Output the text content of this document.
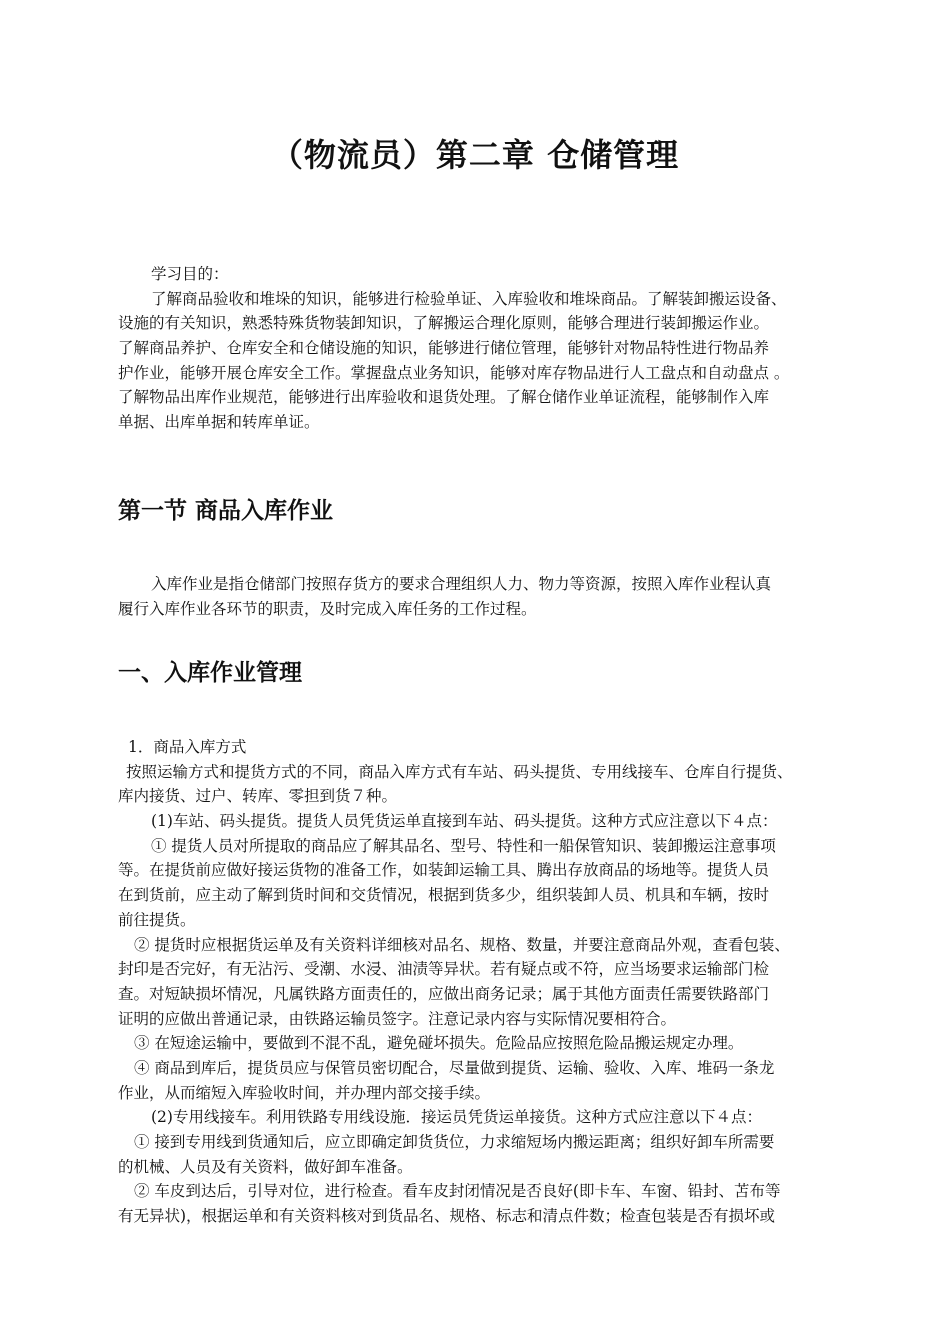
（物流员）第二章 仓储管理
学习目的：
了解商品验收和堆垛的知识，能够进行检验单证、入库验收和堆垛商品。了解装卸搬运设备、
设施的有关知识，熟悉特殊货物装卸知识，了解搬运合理化原则，能够合理进行装卸搬运作业。
了解商品养护、仓库安全和仓储设施的知识，能够进行储位管理，能够针对物品特性进行物品养
护作业，能够开展仓库安全工作。掌握盘点业务知识，能够对库存物品进行人工盘点和自动盘点 。
了解物品出库作业规范，能够进行出库验收和退货处理。了解仓储作业单证流程，能够制作入库
单据、出库单据和转库单证。
第一节 商品入库作业
入库作业是指仓储部门按照存货方的要求合理组织人力、物力等资源，按照入库作业程认真
履行入库作业各环节的职责，及时完成入库任务的工作过程。
一、入库作业管理
1．商品入库方式
按照运输方式和提货方式的不同，商品入库方式有车站、码头提货、专用线接车、仓库自行提货、
库内接货、过户、转库、零担到货７种。
(1)车站、码头提货。提货人员凭货运单直接到车站、码头提货。这种方式应注意以下４点：
① 提货人员对所提取的商品应了解其品名、型号、特性和一船保管知识、装卸搬运注意事项
等。在提货前应做好接运货物的准备工作，如装卸运输工具、腾出存放商品的场地等。提货人员
在到货前，应主动了解到货时间和交货情况，根据到货多少，组织装卸人员、机具和车辆，按时
前往提货。
② 提货时应根据货运单及有关资料详细核对品名、规格、数量，并要注意商品外观，查看包装、
封印是否完好，有无沾污、受潮、水浸、油渍等异状。若有疑点或不符，应当场要求运输部门检
查。对短缺损坏情况，凡属铁路方面责任的，应做出商务记录；属于其他方面责任需要铁路部门
证明的应做出普通记录，由铁路运输员签字。注意记录内容与实际情况要相符合。
③ 在短途运输中，要做到不混不乱，避免碰坏损失。危险品应按照危险品搬运规定办理。
④ 商品到库后，提货员应与保管员密切配合，尽量做到提货、运输、验收、入库、堆码一条龙
作业，从而缩短入库验收时间，并办理内部交接手续。
(2)专用线接车。利用铁路专用线设施．接运员凭货运单接货。这种方式应注意以下４点：
① 接到专用线到货通知后，应立即确定卸货货位，力求缩短场内搬运距离；组织好卸车所需要
的机械、人员及有关资料，做好卸车准备。
② 车皮到达后，引导对位，进行检查。看车皮封闭情况是否良好(即卡车、车窗、铅封、苫布等
有无异状)，根据运单和有关资料核对到货品名、规格、标志和清点件数；检查包装是否有损坏或
